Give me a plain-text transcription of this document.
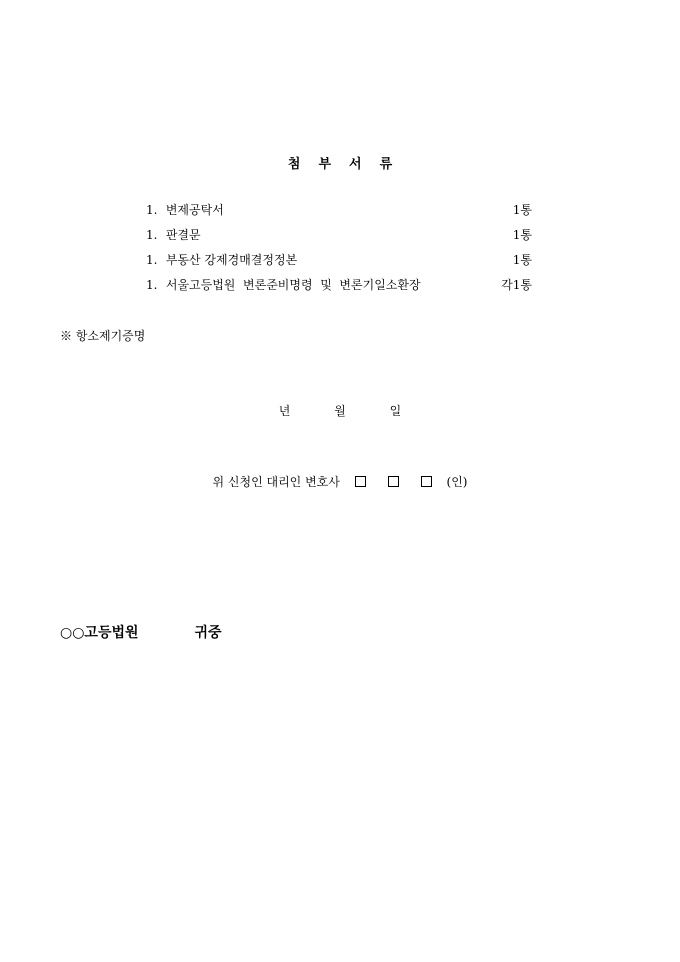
첨 부 서 류
1. 변제공탁서	1통
1. 판결문	1통
1. 부동산 강제경매결정정본	1통
1. 서울고등법원  변론준비명령  및  변론기일소환장	각1통
※ 항소제기증명
년	월	일
위 신청인 대리인 변호사	(인)
○○고등법원	귀중
